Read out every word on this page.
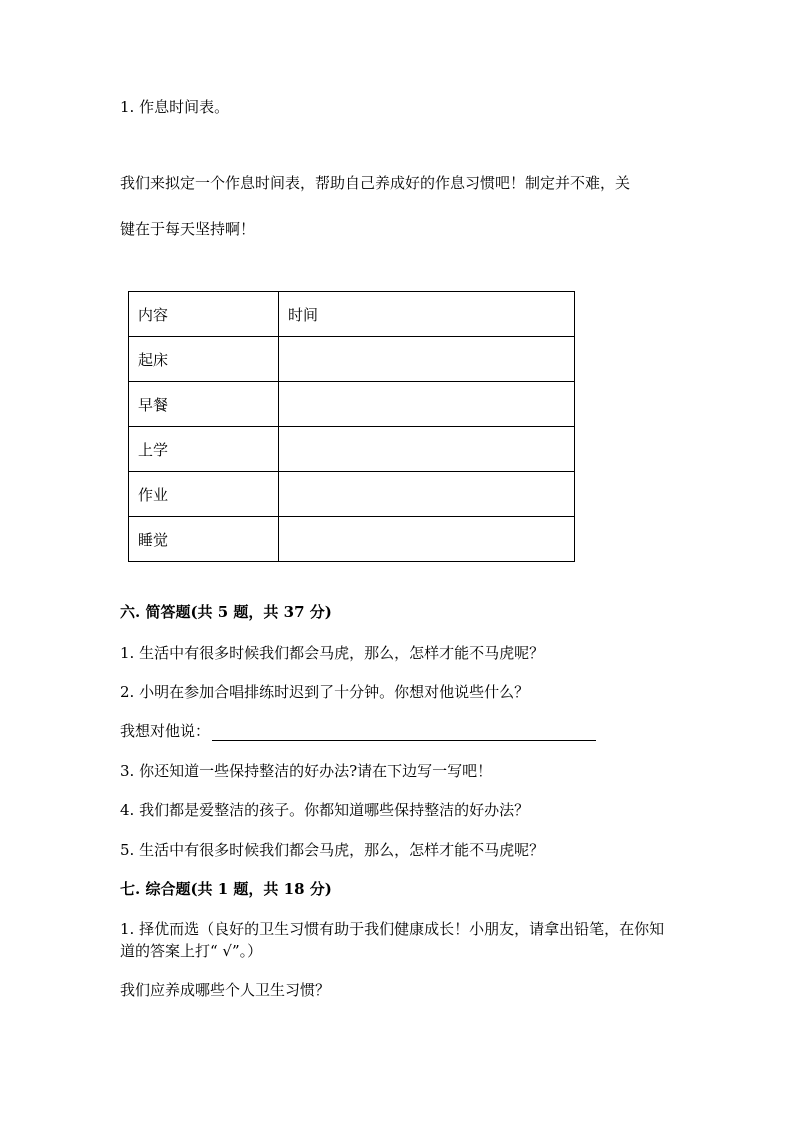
1. 作息时间表。
我们来拟定一个作息时间表，帮助自己养成好的作息习惯吧！制定并不难，关
键在于每天坚持啊！
内容	时间
起床	
早餐	
上学	
作业	
睡觉	
六. 简答题(共 5 题，共 37 分)
1. 生活中有很多时候我们都会马虎，那么，怎样才能不马虎呢？
2. 小明在参加合唱排练时迟到了十分钟。你想对他说些什么？
我想对他说：
3. 你还知道一些保持整洁的好办法?请在下边写一写吧！
4. 我们都是爱整洁的孩子。你都知道哪些保持整洁的好办法？
5. 生活中有很多时候我们都会马虎，那么，怎样才能不马虎呢？
七. 综合题(共 1 题，共 18 分)
1. 择优而选（良好的卫生习惯有助于我们健康成长！小朋友，请拿出铅笔，在你知道的答案上打“ √”。）
我们应养成哪些个人卫生习惯？
